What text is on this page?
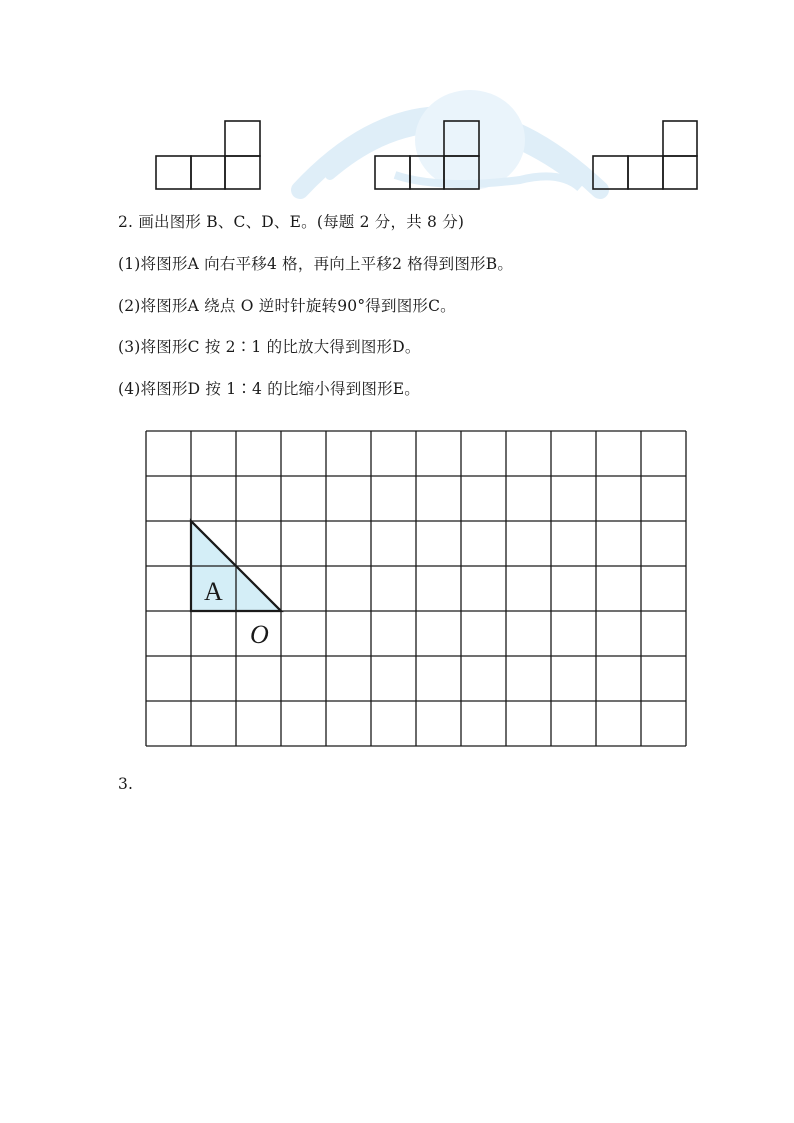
2. 画出图形 B、C、D、E。(每题 2 分，共 8 分)
(1)将图形A 向右平移4 格，再向上平移2 格得到图形B。
(2)将图形A 绕点 O 逆时针旋转90°得到图形C。
(3)将图形C 按 2∶1 的比放大得到图形D。
(4)将图形D 按 1∶4 的比缩小得到图形E。
A
O
3.
